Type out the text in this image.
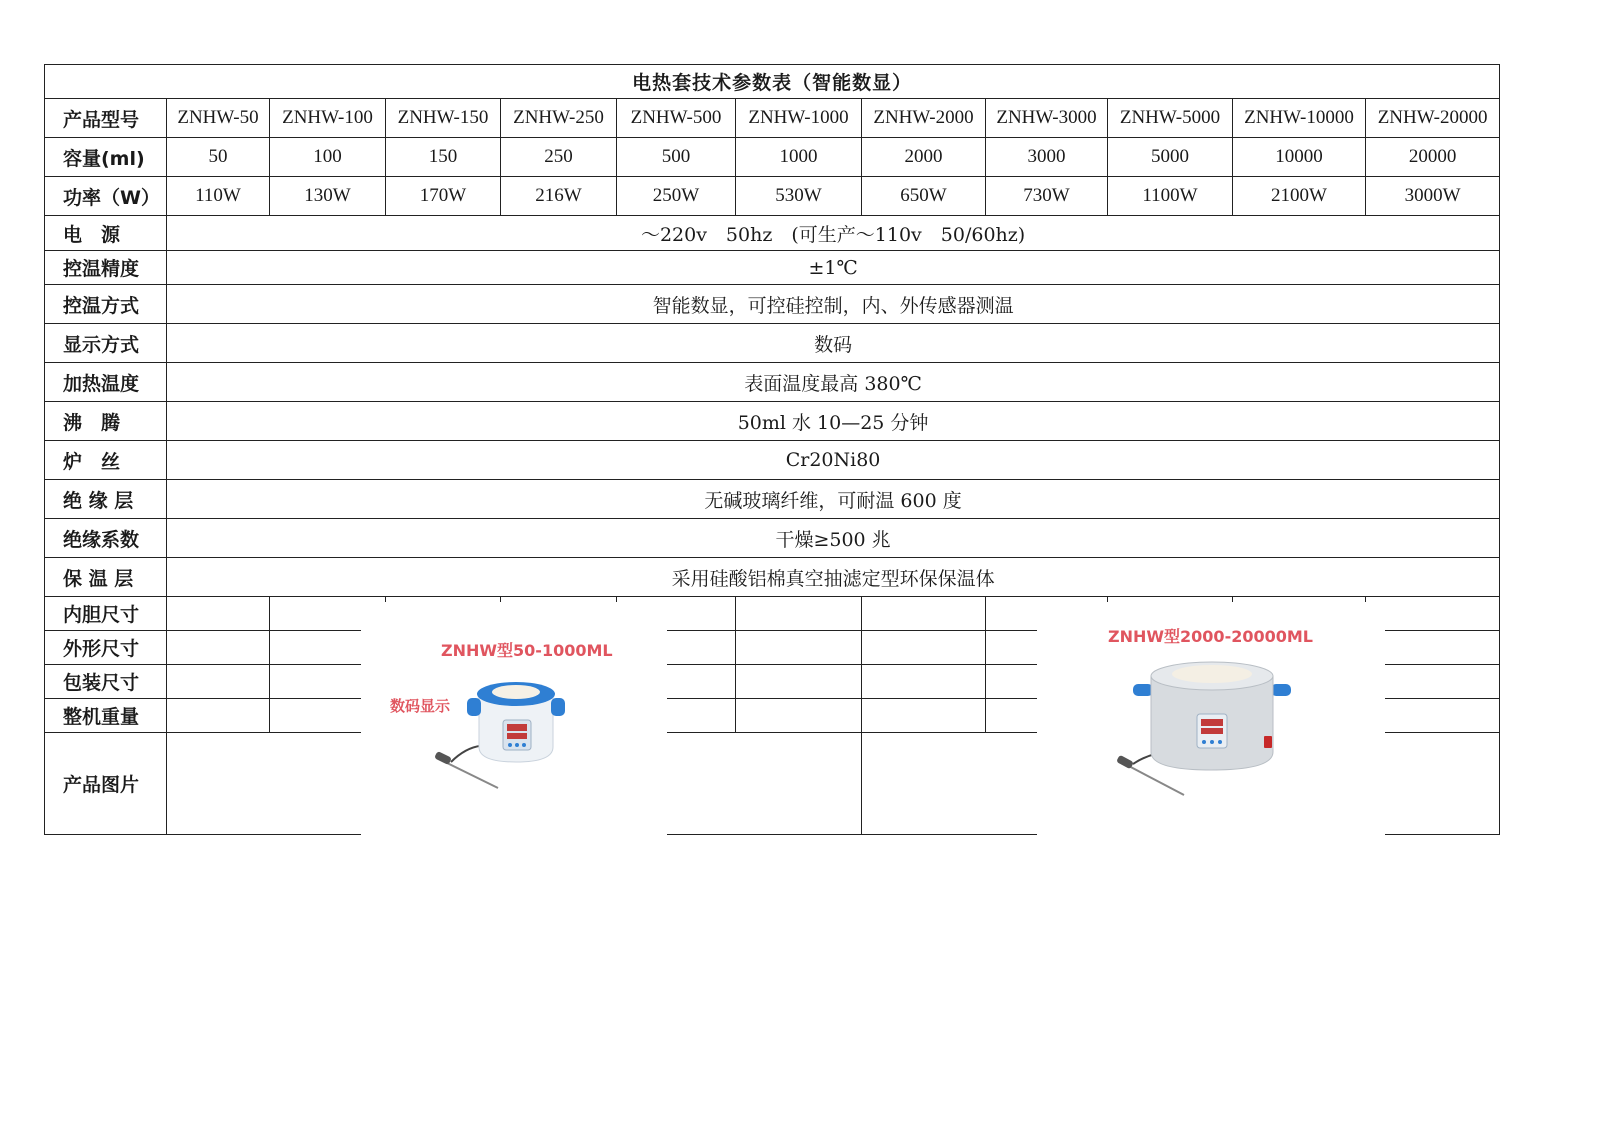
电热套技术参数表（智能数显）											
产品型号	ZNHW-50	ZNHW-100	ZNHW-150	ZNHW-250	ZNHW-500	ZNHW-1000	ZNHW-2000	ZNHW-3000	ZNHW-5000	ZNHW-10000	ZNHW-20000
容量(ml)	50	100	150	250	500	1000	2000	3000	5000	10000	20000
功率（W）	110W	130W	170W	216W	250W	530W	650W	730W	1100W	2100W	3000W
电　源	～220v　50hz　(可生产～110v　50/60hz)										
控温精度	±1℃										
控温方式	智能数显，可控硅控制，内、外传感器测温										
显示方式	数码										
加热温度	表面温度最高 380℃										
沸　腾	50ml 水 10—25 分钟										
炉　丝	Cr20Ni80										
绝 缘 层	无碱玻璃纤维，可耐温 600 度										
绝缘系数	干燥≥500 兆										
保 温 层	采用硅酸铝棉真空抽滤定型环保保温体										
内胆尺寸											
外形尺寸											
包装尺寸											
整机重量											
产品图片											
ZNHW型50-1000ML
数码显示
ZNHW型2000-20000ML
